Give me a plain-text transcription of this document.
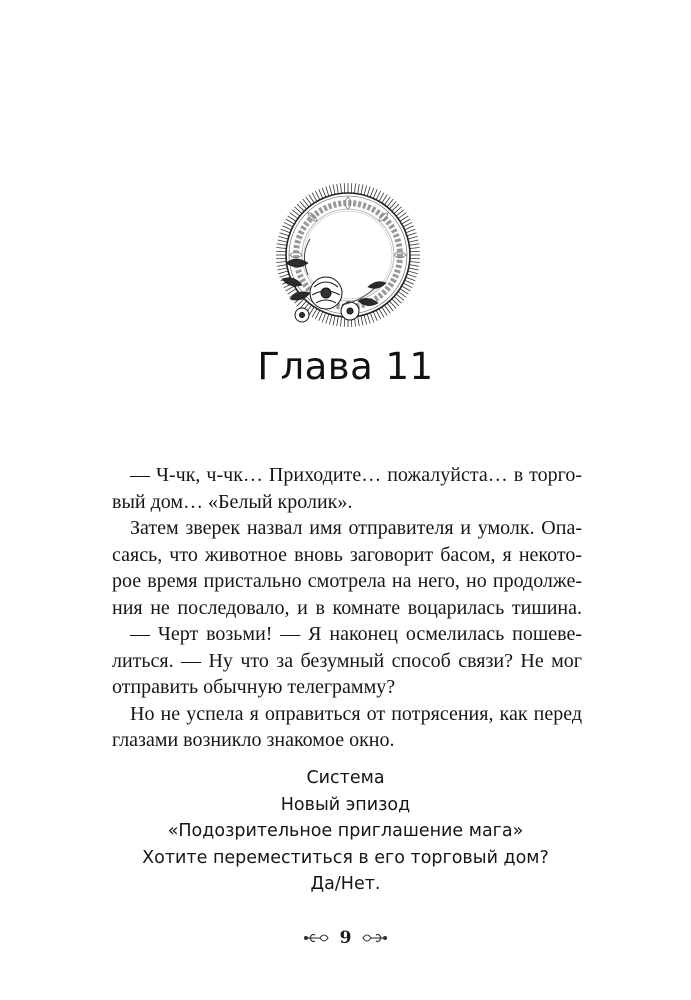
Глава 11
— Ч-чк, ч-чк… Приходите… пожалуйста… в торго-
вый дом… «Белый кролик».
Затем зверек назвал имя отправителя и умолк. Опа-
саясь, что животное вновь заговорит басом, я некото-
рое время пристально смотрела на него, но продолже-
ния не последовало, и в комнате воцарилась тишина.
— Черт возьми! — Я наконец осмелилась пошеве-
литься. — Ну что за безумный способ связи? Не мог
отправить обычную телеграмму?
Но не успела я оправиться от потрясения, как перед
глазами возникло знакомое окно.
Система
Новый эпизод
«Подозрительное приглашение мага»
Хотите переместиться в его торговый дом?
Да/Нет.
9
